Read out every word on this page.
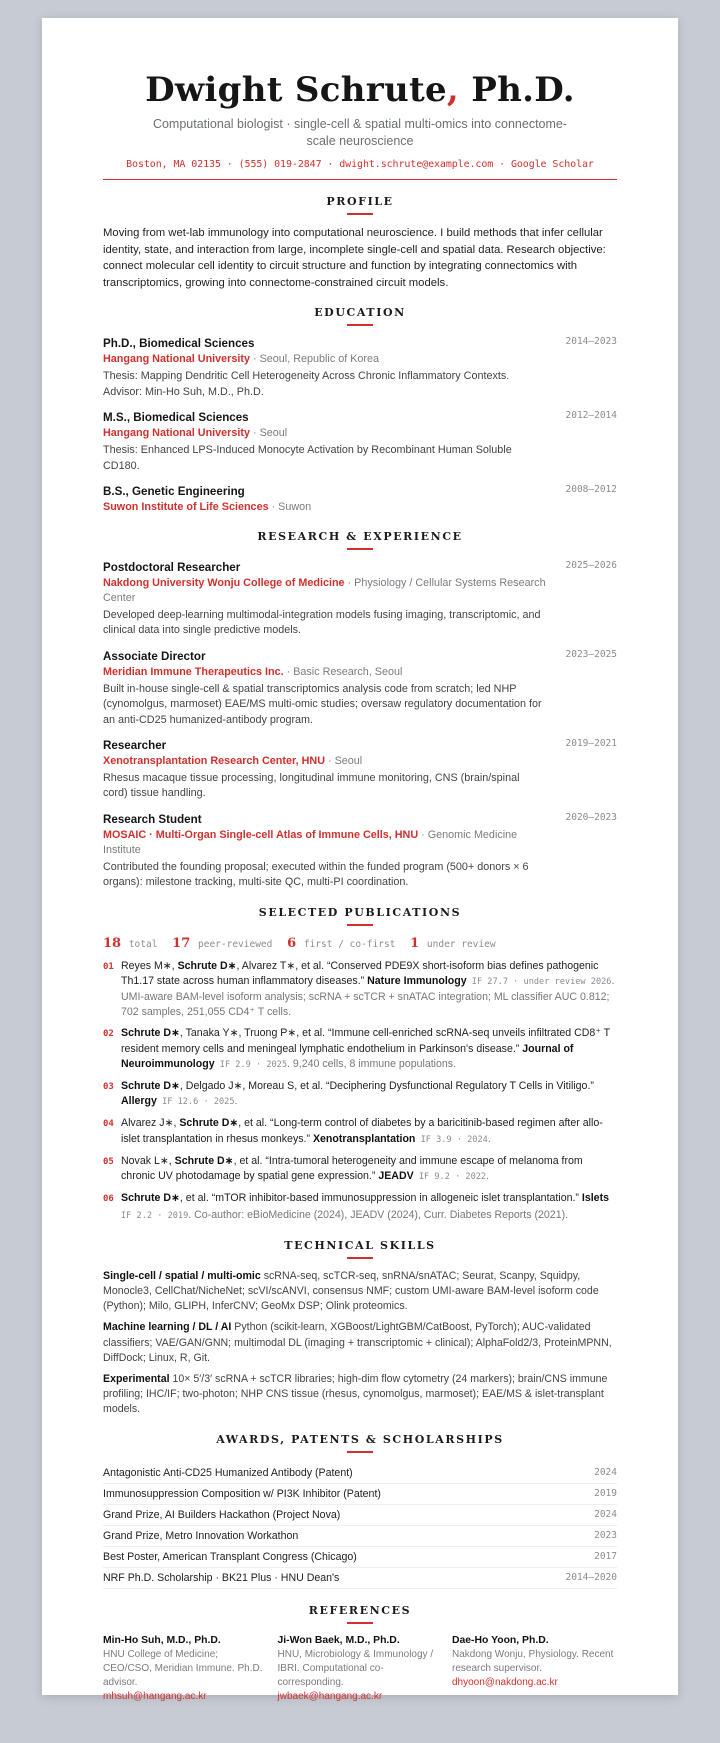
Dwight Schrute, Ph.D.
Computational biologist · single-cell & spatial multi-omics into connectome-scale neuroscience
Boston, MA 02135 · (555) 019-2847 · dwight.schrute@example.com · Google Scholar
PROFILE

Moving from wet-lab immunology into computational neuroscience. I build methods that infer cellular identity, state, and interaction from large, incomplete single-cell and spatial data. Research objective: connect molecular cell identity to circuit structure and function by integrating connectomics with transcriptomics, growing into connectome-constrained circuit models.

EDUCATION
2014–2023
Ph.D., Biomedical Sciences
Hangang National University · Seoul, Republic of Korea
Thesis: Mapping Dendritic Cell Heterogeneity Across Chronic Inflammatory Contexts. Advisor: Min-Ho Suh, M.D., Ph.D.
2012–2014
M.S., Biomedical Sciences
Hangang National University · Seoul
Thesis: Enhanced LPS-Induced Monocyte Activation by Recombinant Human Soluble CD180.
2008–2012
B.S., Genetic Engineering
Suwon Institute of Life Sciences · Suwon
RESEARCH & EXPERIENCE
2025–2026
Postdoctoral Researcher
Nakdong University Wonju College of Medicine · Physiology / Cellular Systems Research Center
Developed deep-learning multimodal-integration models fusing imaging, transcriptomic, and clinical data into single predictive models.
2023–2025
Associate Director
Meridian Immune Therapeutics Inc. · Basic Research, Seoul
Built in-house single-cell & spatial transcriptomics analysis code from scratch; led NHP (cynomolgus, marmoset) EAE/MS multi-omic studies; oversaw regulatory documentation for an anti-CD25 humanized-antibody program.
2019–2021
Researcher
Xenotransplantation Research Center, HNU · Seoul
Rhesus macaque tissue processing, longitudinal immune monitoring, CNS (brain/spinal cord) tissue handling.
2020–2023
Research Student
MOSAIC · Multi-Organ Single-cell Atlas of Immune Cells, HNU · Genomic Medicine Institute
Contributed the founding proposal; executed within the funded program (500+ donors × 6 organs): milestone tracking, multi-site QC, multi-PI coordination.
SELECTED PUBLICATIONS
18 total 17 peer-reviewed 6 first / co-first 1 under review
01 Reyes M∗, Schrute D∗, Alvarez T∗, et al. “Conserved PDE9X short-isoform bias defines pathogenic Th1.17 state across human inflammatory diseases.” Nature Immunology IF 27.7 · under review 2026. UMI-aware BAM-level isoform analysis; scRNA + scTCR + snATAC integration; ML classifier AUC 0.812; 702 samples, 251,055 CD4⁺ T cells.
02 Schrute D∗, Tanaka Y∗, Truong P∗, et al. “Immune cell-enriched scRNA-seq unveils infiltrated CD8⁺ T resident memory cells and meningeal lymphatic endothelium in Parkinson's disease.” Journal of Neuroimmunology IF 2.9 · 2025. 9,240 cells, 8 immune populations.
03 Schrute D∗, Delgado J∗, Moreau S, et al. “Deciphering Dysfunctional Regulatory T Cells in Vitiligo.” Allergy IF 12.6 · 2025.
04 Alvarez J∗, Schrute D∗, et al. “Long-term control of diabetes by a baricitinib-based regimen after allo-islet transplantation in rhesus monkeys.” Xenotransplantation IF 3.9 · 2024.
05 Novak L∗, Schrute D∗, et al. “Intra-tumoral heterogeneity and immune escape of melanoma from chronic UV photodamage by spatial gene expression.” JEADV IF 9.2 · 2022.
06 Schrute D∗, et al. “mTOR inhibitor-based immunosuppression in allogeneic islet transplantation.” Islets IF 2.2 · 2019. Co-author: eBioMedicine (2024), JEADV (2024), Curr. Diabetes Reports (2021).
TECHNICAL SKILLS
Single-cell / spatial / multi-omic scRNA-seq, scTCR-seq, snRNA/snATAC; Seurat, Scanpy, Squidpy, Monocle3, CellChat/NicheNet; scVI/scANVI, consensus NMF; custom UMI-aware BAM-level isoform code (Python); Milo, GLIPH, InferCNV; GeoMx DSP; Olink proteomics.
Machine learning / DL / AI Python (scikit-learn, XGBoost/LightGBM/CatBoost, PyTorch); AUC-validated classifiers; VAE/GAN/GNN; multimodal DL (imaging + transcriptomic + clinical); AlphaFold2/3, ProteinMPNN, DiffDock; Linux, R, Git.
Experimental 10× 5′/3′ scRNA + scTCR libraries; high-dim flow cytometry (24 markers); brain/CNS immune profiling; IHC/IF; two-photon; NHP CNS tissue (rhesus, cynomolgus, marmoset); EAE/MS & islet-transplant models.
AWARDS, PATENTS & SCHOLARSHIPS
Antagonistic Anti-CD25 Humanized Antibody (Patent)	2024
Immunosuppression Composition w/ PI3K Inhibitor (Patent)	2019
Grand Prize, AI Builders Hackathon (Project Nova)	2024
Grand Prize, Metro Innovation Workathon	2023
Best Poster, American Transplant Congress (Chicago)	2017
NRF Ph.D. Scholarship · BK21 Plus · HNU Dean's	2014–2020
REFERENCES
Min-Ho Suh, M.D., Ph.D.
HNU College of Medicine; CEO/CSO, Meridian Immune. Ph.D. advisor.
mhsuh@hangang.ac.kr
Ji-Won Baek, M.D., Ph.D.
HNU, Microbiology & Immunology / IBRI. Computational co-corresponding.
jwbaek@hangang.ac.kr
Dae-Ho Yoon, Ph.D.
Nakdong Wonju, Physiology. Recent research supervisor.
dhyoon@nakdong.ac.kr
